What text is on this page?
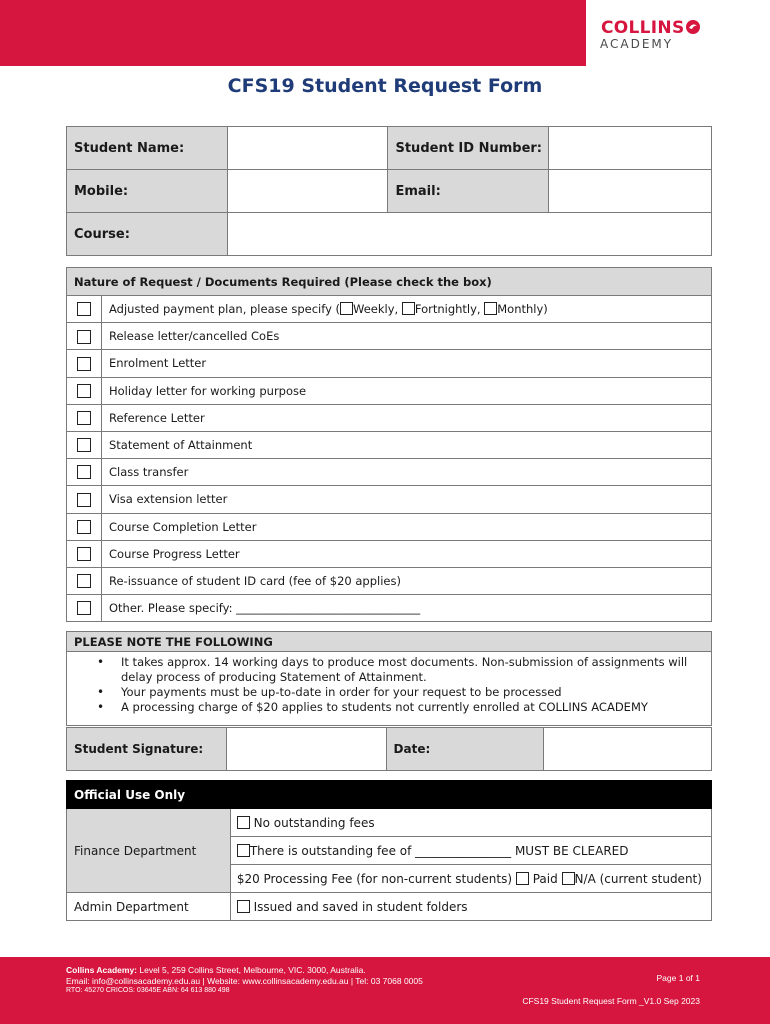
COLLINS
ACADEMY
CFS19 Student Request Form
Student Name:		Student ID Number:	
Mobile:		Email:	
Course:			
Nature of Request / Documents Required (Please check the box)	
	Adjusted payment plan, please specify ( Weekly, Fortnightly, Monthly)
	Release letter/cancelled CoEs
	Enrolment Letter
	Holiday letter for working purpose
	Reference Letter
	Statement of Attainment
	Class transfer
	Visa extension letter
	Course Completion Letter
	Course Progress Letter
	Re-issuance of student ID card (fee of $20 applies)
	Other. Please specify: ________________________________
PLEASE NOTE THE FOLLOWING

• It takes approx. 14 working days to produce most documents. Non-submission of assignments will delay process of producing Statement of Attainment.
• Your payments must be up-to-date in order for your request to be processed
• A processing charge of $20 applies to students not currently enrolled at COLLINS ACADEMY
Student Signature:		Date:	
Official Use Only	
Finance Department	No outstanding fees
	There is outstanding fee of ________________ MUST BE CLEARED
	$20 Processing Fee (for non-current students) Paid N/A (current student)
Admin Department	Issued and saved in student folders
Collins Academy: Level 5, 259 Collins Street, Melbourne, VIC. 3000, Australia.
Email: info@collinsacademy.edu.au | Website: www.collinsacademy.edu.au | Tel: 03 7068 0005
RTO: 45270 CRICOS: 03645E ABN: 64 613 880 498
Page 1 of 1
CFS19 Student Request Form _V1.0 Sep 2023
